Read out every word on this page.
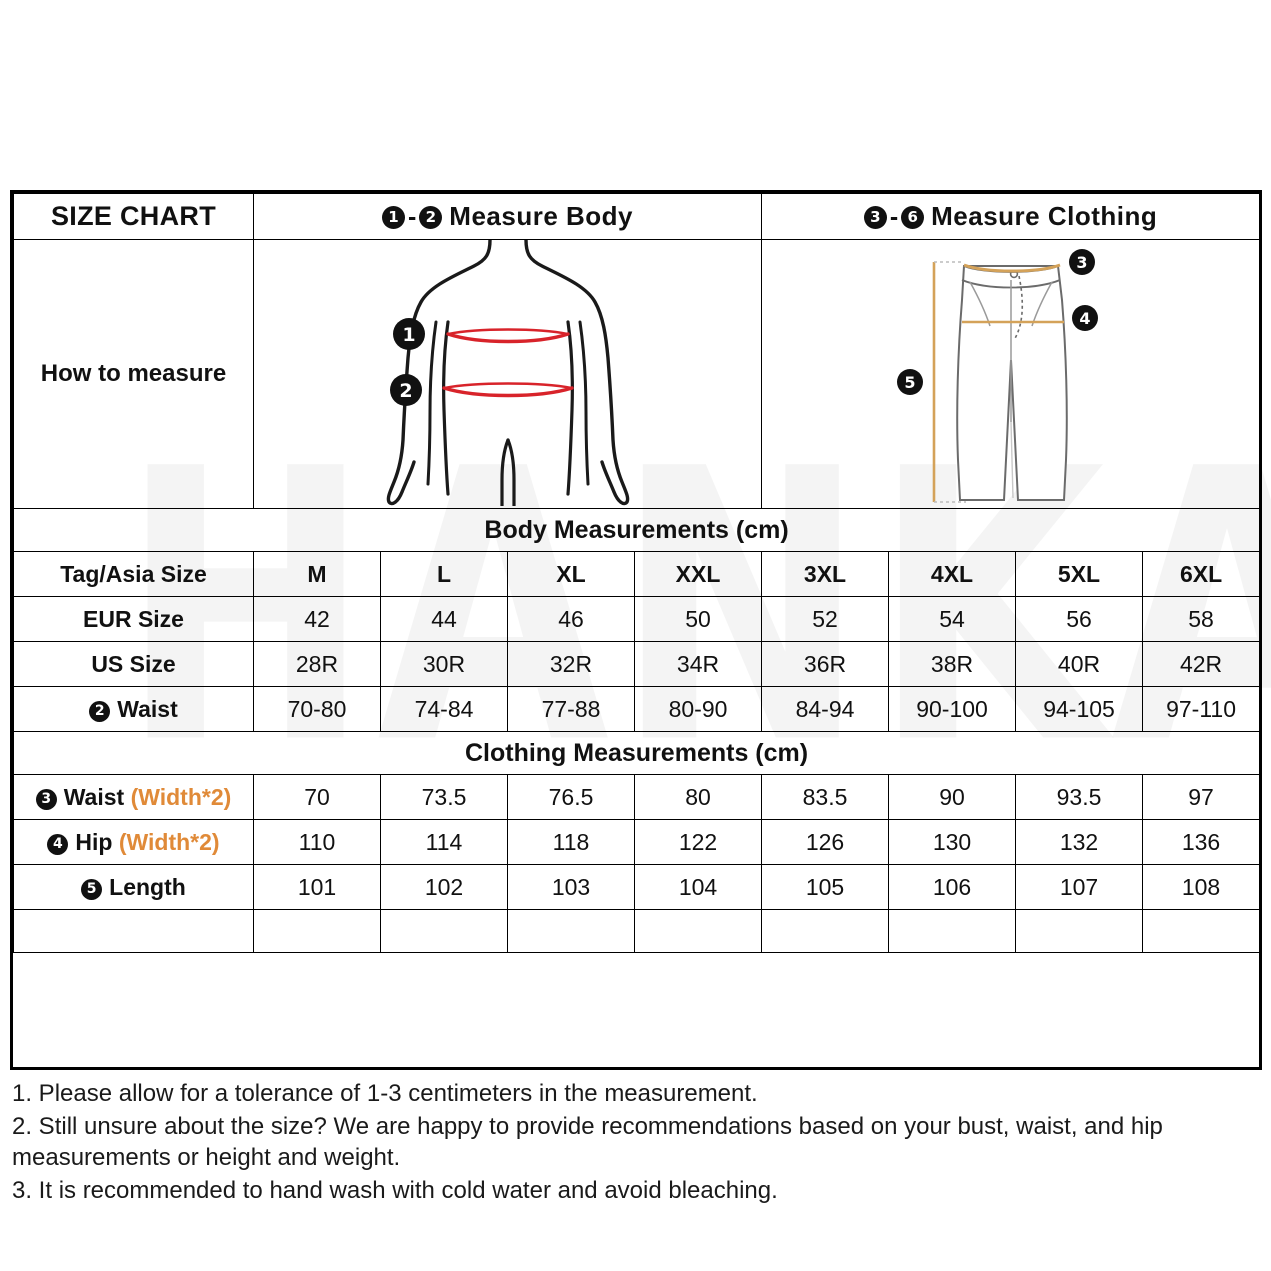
SIZE CHART	1 - 2 Measure Body				3 - 6 Measure Clothing			
How to measure	1
2				3
4
5			

Body Measurements (cm)								
Tag/Asia Size	M	L	XL	XXL	3XL	4XL	5XL	6XL
EUR Size	42	44	46	50	52	54	56	58
US Size	28R	30R	32R	34R	36R	38R	40R	42R
2 Waist	70-80	74-84	77-88	80-90	84-94	90-100	94-105	97-110
Clothing Measurements (cm)								
3 Waist (Width*2)	70	73.5	76.5	80	83.5	90	93.5	97
4 Hip (Width*2)	110	114	118	122	126	130	132	136
5 Length	101	102	103	104	105	106	107	108

1. Please allow for a tolerance of 1-3 centimeters in the measurement.

2. Still unsure about the size? We are happy to provide recommendations based on your bust, waist, and hip measurements or height and weight.

3. It is recommended to hand wash with cold water and avoid bleaching.
